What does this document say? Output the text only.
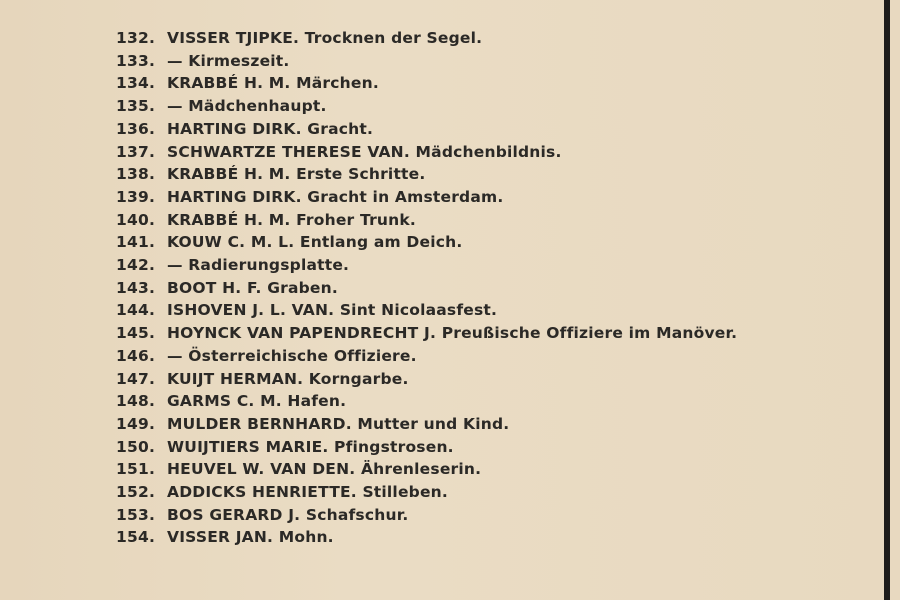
132. VISSER TJIPKE. Trocknen der Segel.
133. — Kirmeszeit.
134. KRABBÉ H. M. Märchen.
135. — Mädchenhaupt.
136. HARTING DIRK. Gracht.
137. SCHWARTZE THERESE VAN. Mädchenbildnis.
138. KRABBÉ H. M. Erste Schritte.
139. HARTING DIRK. Gracht in Amsterdam.
140. KRABBÉ H. M. Froher Trunk.
141. KOUW C. M. L. Entlang am Deich.
142. — Radierungsplatte.
143. BOOT H. F. Graben.
144. ISHOVEN J. L. VAN. Sint Nicolaasfest.
145. HOYNCK VAN PAPENDRECHT J. Preußische Offiziere im Manöver.
146. — Österreichische Offiziere.
147. KUIJT HERMAN. Korngarbe.
148. GARMS C. M. Hafen.
149. MULDER BERNHARD. Mutter und Kind.
150. WUIJTIERS MARIE. Pfingstrosen.
151. HEUVEL W. VAN DEN. Ährenleserin.
152. ADDICKS HENRIETTE. Stilleben.
153. BOS GERARD J. Schafschur.
154. VISSER JAN. Mohn.
